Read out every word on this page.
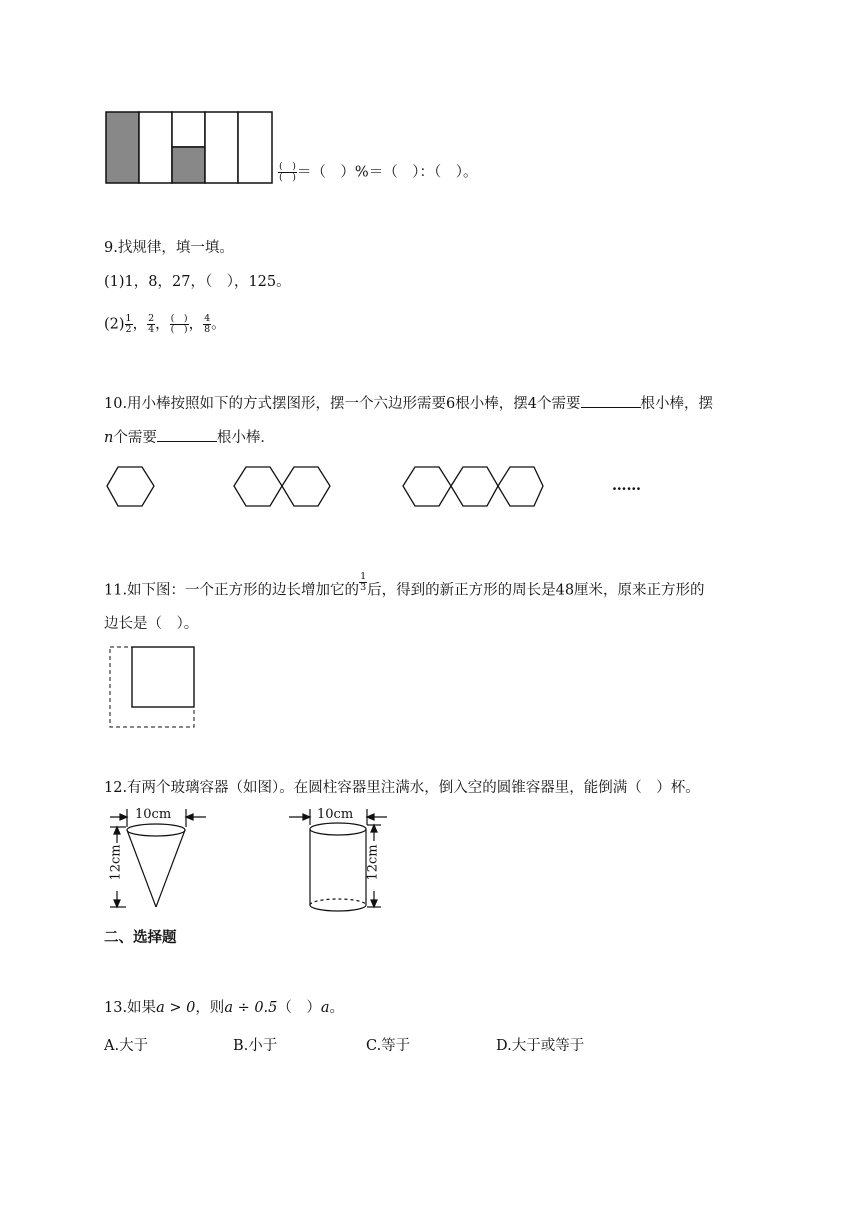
$\frac{( )}{( )}$ ＝（　）%＝（　）：（　）。
9.找规律，填一填。
(1)1，8，27，（　），125。
$(2) \frac{1}{2}$ ， $\frac{2}{4}$ ， $\frac{( )}{( )}$ ， $\frac{4}{8}$ 。
10.用小棒按照如下的方式摆图形，摆一个六边形需要6根小棒，摆4个需要	根小棒，摆
n个需要	根小棒．
……
11.如下图：一个正方形的边长增加它的 $\frac{1}{3}$ 后，得到的新正方形的周长是48厘米，原来正方形的
边长是（　）。
12.有两个玻璃容器（如图）。在圆柱容器里注满水，倒入空的圆锥容器里，能倒满（　）杯。
10cm
12cm
10cm
12cm
二、选择题
13.如果a > 0，则a ÷ 0.5（　）a。
A.大于	B.小于	C.等于	D.大于或等于
